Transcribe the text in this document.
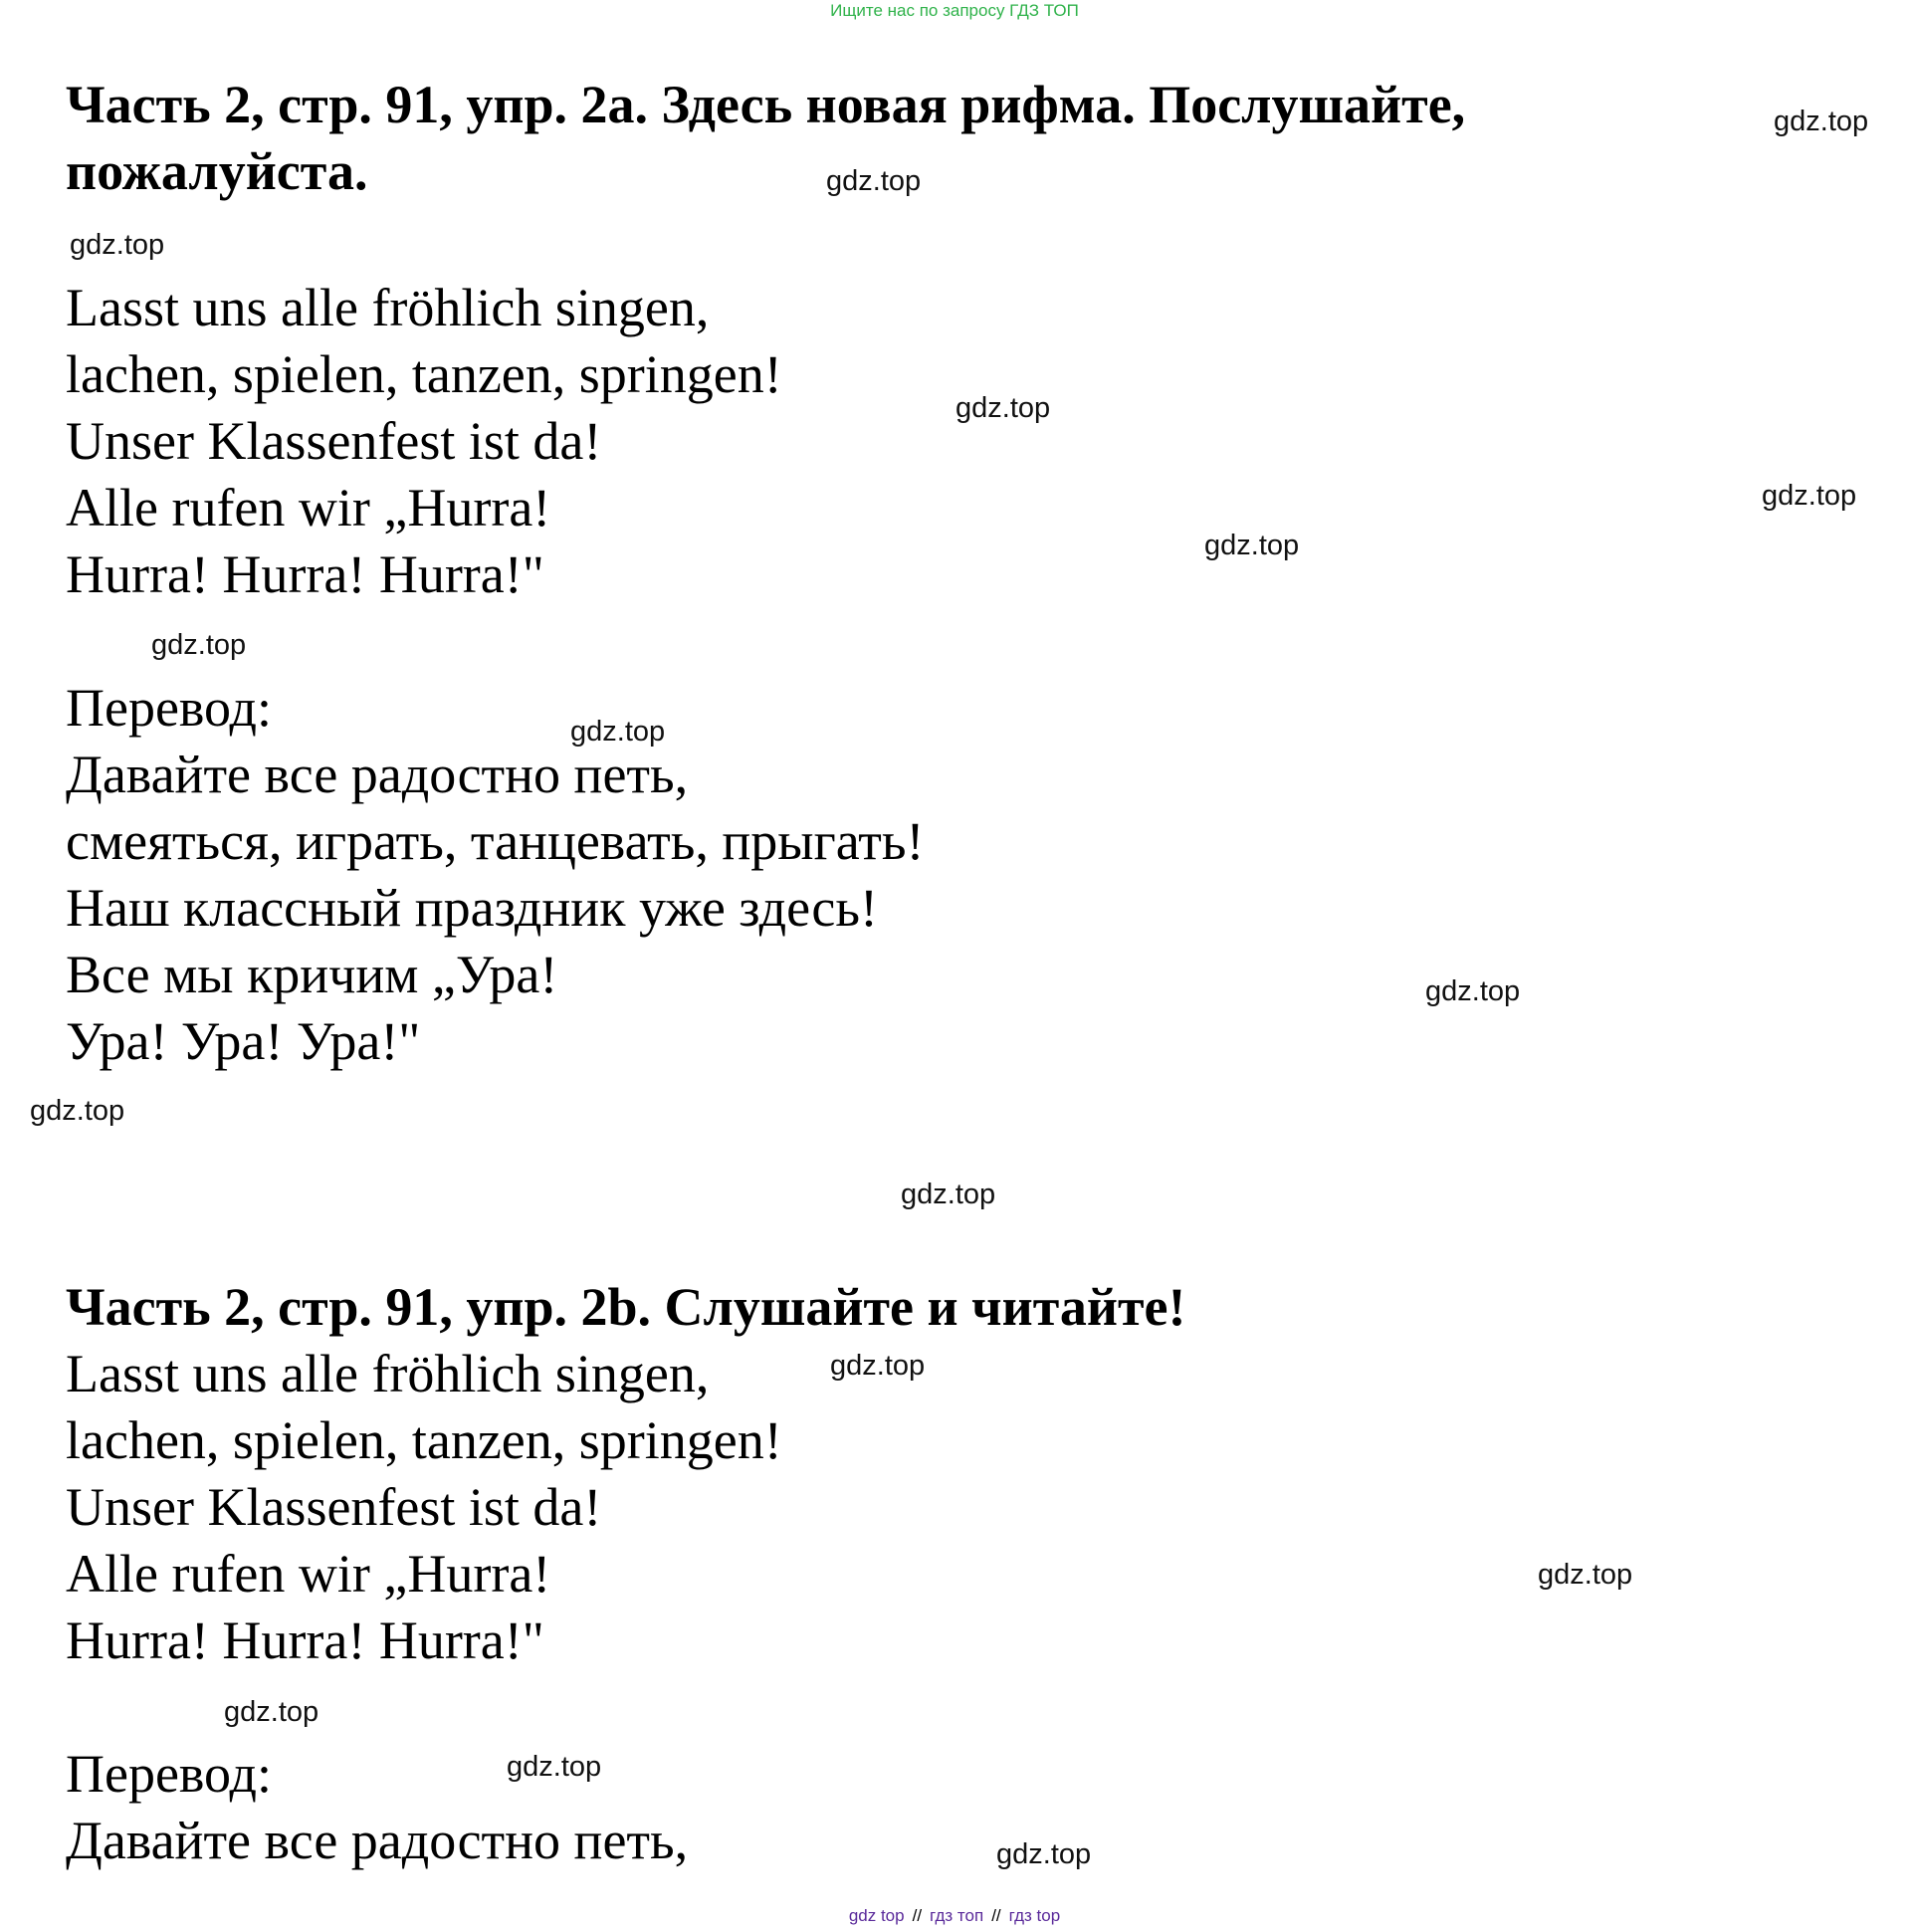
Ищите нас по запросу ГДЗ ТОП
Часть 2, стр. 91, упр. 2a. Здесь новая рифма. Послушайте,
пожалуйста.
Lasst uns alle fröhlich singen,
lachen, spielen, tanzen, springen!
Unser Klassenfest ist da!
Alle rufen wir „Hurra!
Hurra! Hurra! Hurra!"
Перевод:
Давайте все радостно петь,
смеяться, играть, танцевать, прыгать!
Наш классный праздник уже здесь!
Все мы кричим „Ура!
Ура! Ура! Ура!"
Часть 2, стр. 91, упр. 2b. Слушайте и читайте!
Lasst uns alle fröhlich singen,
lachen, spielen, tanzen, springen!
Unser Klassenfest ist da!
Alle rufen wir „Hurra!
Hurra! Hurra! Hurra!"
Перевод:
Давайте все радостно петь,
gdz.top
gdz.top
gdz.top
gdz.top
gdz.top
gdz.top
gdz.top
gdz.top
gdz.top
gdz.top
gdz.top
gdz.top
gdz.top
gdz.top
gdz.top
gdz.top
gdz top // гдз топ // гдз top
